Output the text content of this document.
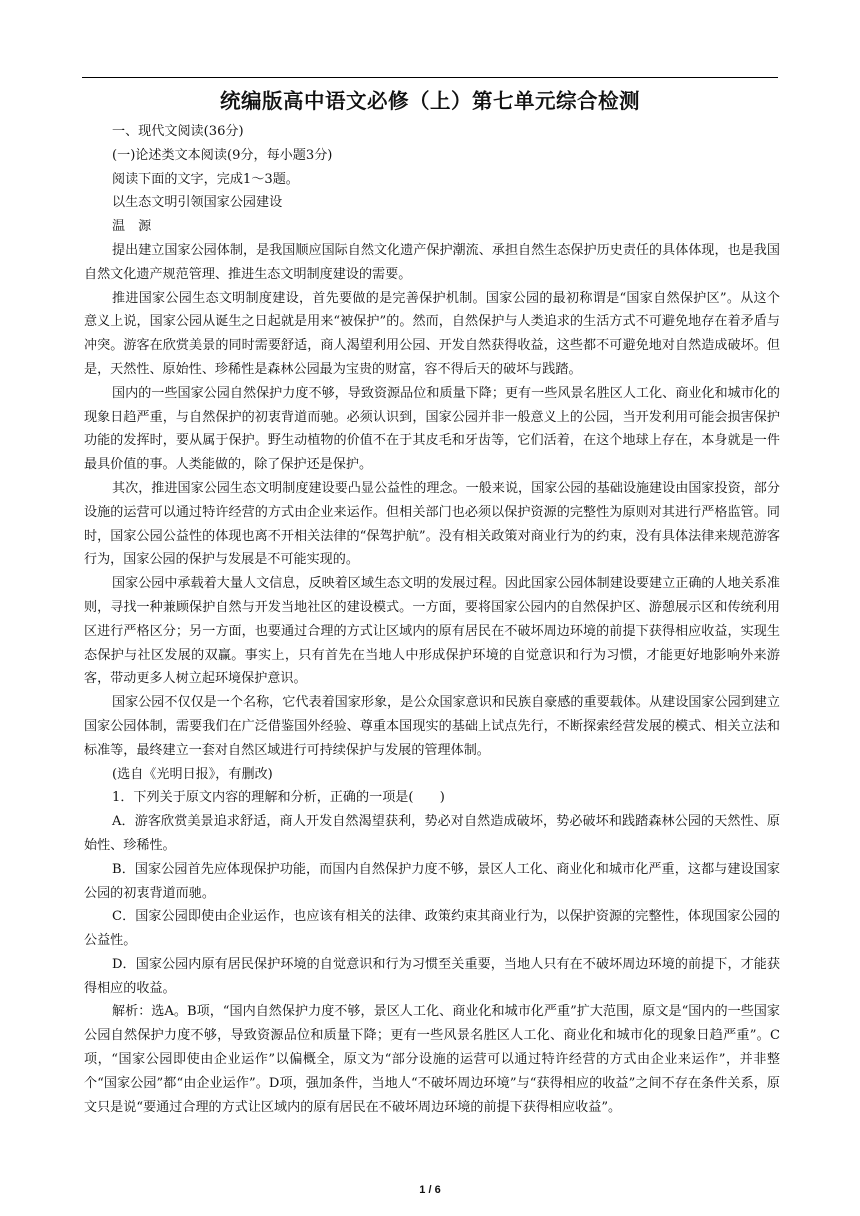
统编版高中语文必修（上）第七单元综合检测

一、现代文阅读(36分)

(一)论述类文本阅读(9分，每小题3分)

阅读下面的文字，完成1～3题。

以生态文明引领国家公园建设

温　源

提出建立国家公园体制，是我国顺应国际自然文化遗产保护潮流、承担自然生态保护历史责任的具体体现，也是我国自然文化遗产规范管理、推进生态文明制度建设的需要。

推进国家公园生态文明制度建设，首先要做的是完善保护机制。国家公园的最初称谓是“国家自然保护区”。从这个意义上说，国家公园从诞生之日起就是用来“被保护”的。然而，自然保护与人类追求的生活方式不可避免地存在着矛盾与冲突。游客在欣赏美景的同时需要舒适，商人渴望利用公园、开发自然获得收益，这些都不可避免地对自然造成破坏。但是，天然性、原始性、珍稀性是森林公园最为宝贵的财富，容不得后天的破坏与践踏。

国内的一些国家公园自然保护力度不够，导致资源品位和质量下降；更有一些风景名胜区人工化、商业化和城市化的现象日趋严重，与自然保护的初衷背道而驰。必须认识到，国家公园并非一般意义上的公园，当开发利用可能会损害保护功能的发挥时，要从属于保护。野生动植物的价值不在于其皮毛和牙齿等，它们活着，在这个地球上存在，本身就是一件最具价值的事。人类能做的，除了保护还是保护。

其次，推进国家公园生态文明制度建设要凸显公益性的理念。一般来说，国家公园的基础设施建设由国家投资，部分设施的运营可以通过特许经营的方式由企业来运作。但相关部门也必须以保护资源的完整性为原则对其进行严格监管。同时，国家公园公益性的体现也离不开相关法律的“保驾护航”。没有相关政策对商业行为的约束，没有具体法律来规范游客行为，国家公园的保护与发展是不可能实现的。

国家公园中承载着大量人文信息，反映着区域生态文明的发展过程。因此国家公园体制建设要建立正确的人地关系准则，寻找一种兼顾保护自然与开发当地社区的建设模式。一方面，要将国家公园内的自然保护区、游憩展示区和传统利用区进行严格区分；另一方面，也要通过合理的方式让区域内的原有居民在不破坏周边环境的前提下获得相应收益，实现生态保护与社区发展的双赢。事实上，只有首先在当地人中形成保护环境的自觉意识和行为习惯，才能更好地影响外来游客，带动更多人树立起环境保护意识。

国家公园不仅仅是一个名称，它代表着国家形象，是公众国家意识和民族自豪感的重要载体。从建设国家公园到建立国家公园体制，需要我们在广泛借鉴国外经验、尊重本国现实的基础上试点先行，不断探索经营发展的模式、相关立法和标准等，最终建立一套对自然区域进行可持续保护与发展的管理体制。

(选自《光明日报》，有删改)

1．下列关于原文内容的理解和分析，正确的一项是(　　)

A．游客欣赏美景追求舒适，商人开发自然渴望获利，势必对自然造成破坏，势必破坏和践踏森林公园的天然性、原始性、珍稀性。

B．国家公园首先应体现保护功能，而国内自然保护力度不够，景区人工化、商业化和城市化严重，这都与建设国家公园的初衷背道而驰。

C．国家公园即使由企业运作，也应该有相关的法律、政策约束其商业行为，以保护资源的完整性，体现国家公园的公益性。

D．国家公园内原有居民保护环境的自觉意识和行为习惯至关重要，当地人只有在不破坏周边环境的前提下，才能获得相应的收益。

解析：选A。B项，“国内自然保护力度不够，景区人工化、商业化和城市化严重”扩大范围，原文是“国内的一些国家公园自然保护力度不够，导致资源品位和质量下降；更有一些风景名胜区人工化、商业化和城市化的现象日趋严重”。C项，“国家公园即使由企业运作”以偏概全，原文为“部分设施的运营可以通过特许经营的方式由企业来运作”，并非整个“国家公园”都“由企业运作”。D项，强加条件，当地人“不破坏周边环境”与“获得相应的收益”之间不存在条件关系，原文只是说“要通过合理的方式让区域内的原有居民在不破坏周边环境的前提下获得相应收益”。

1 / 6
